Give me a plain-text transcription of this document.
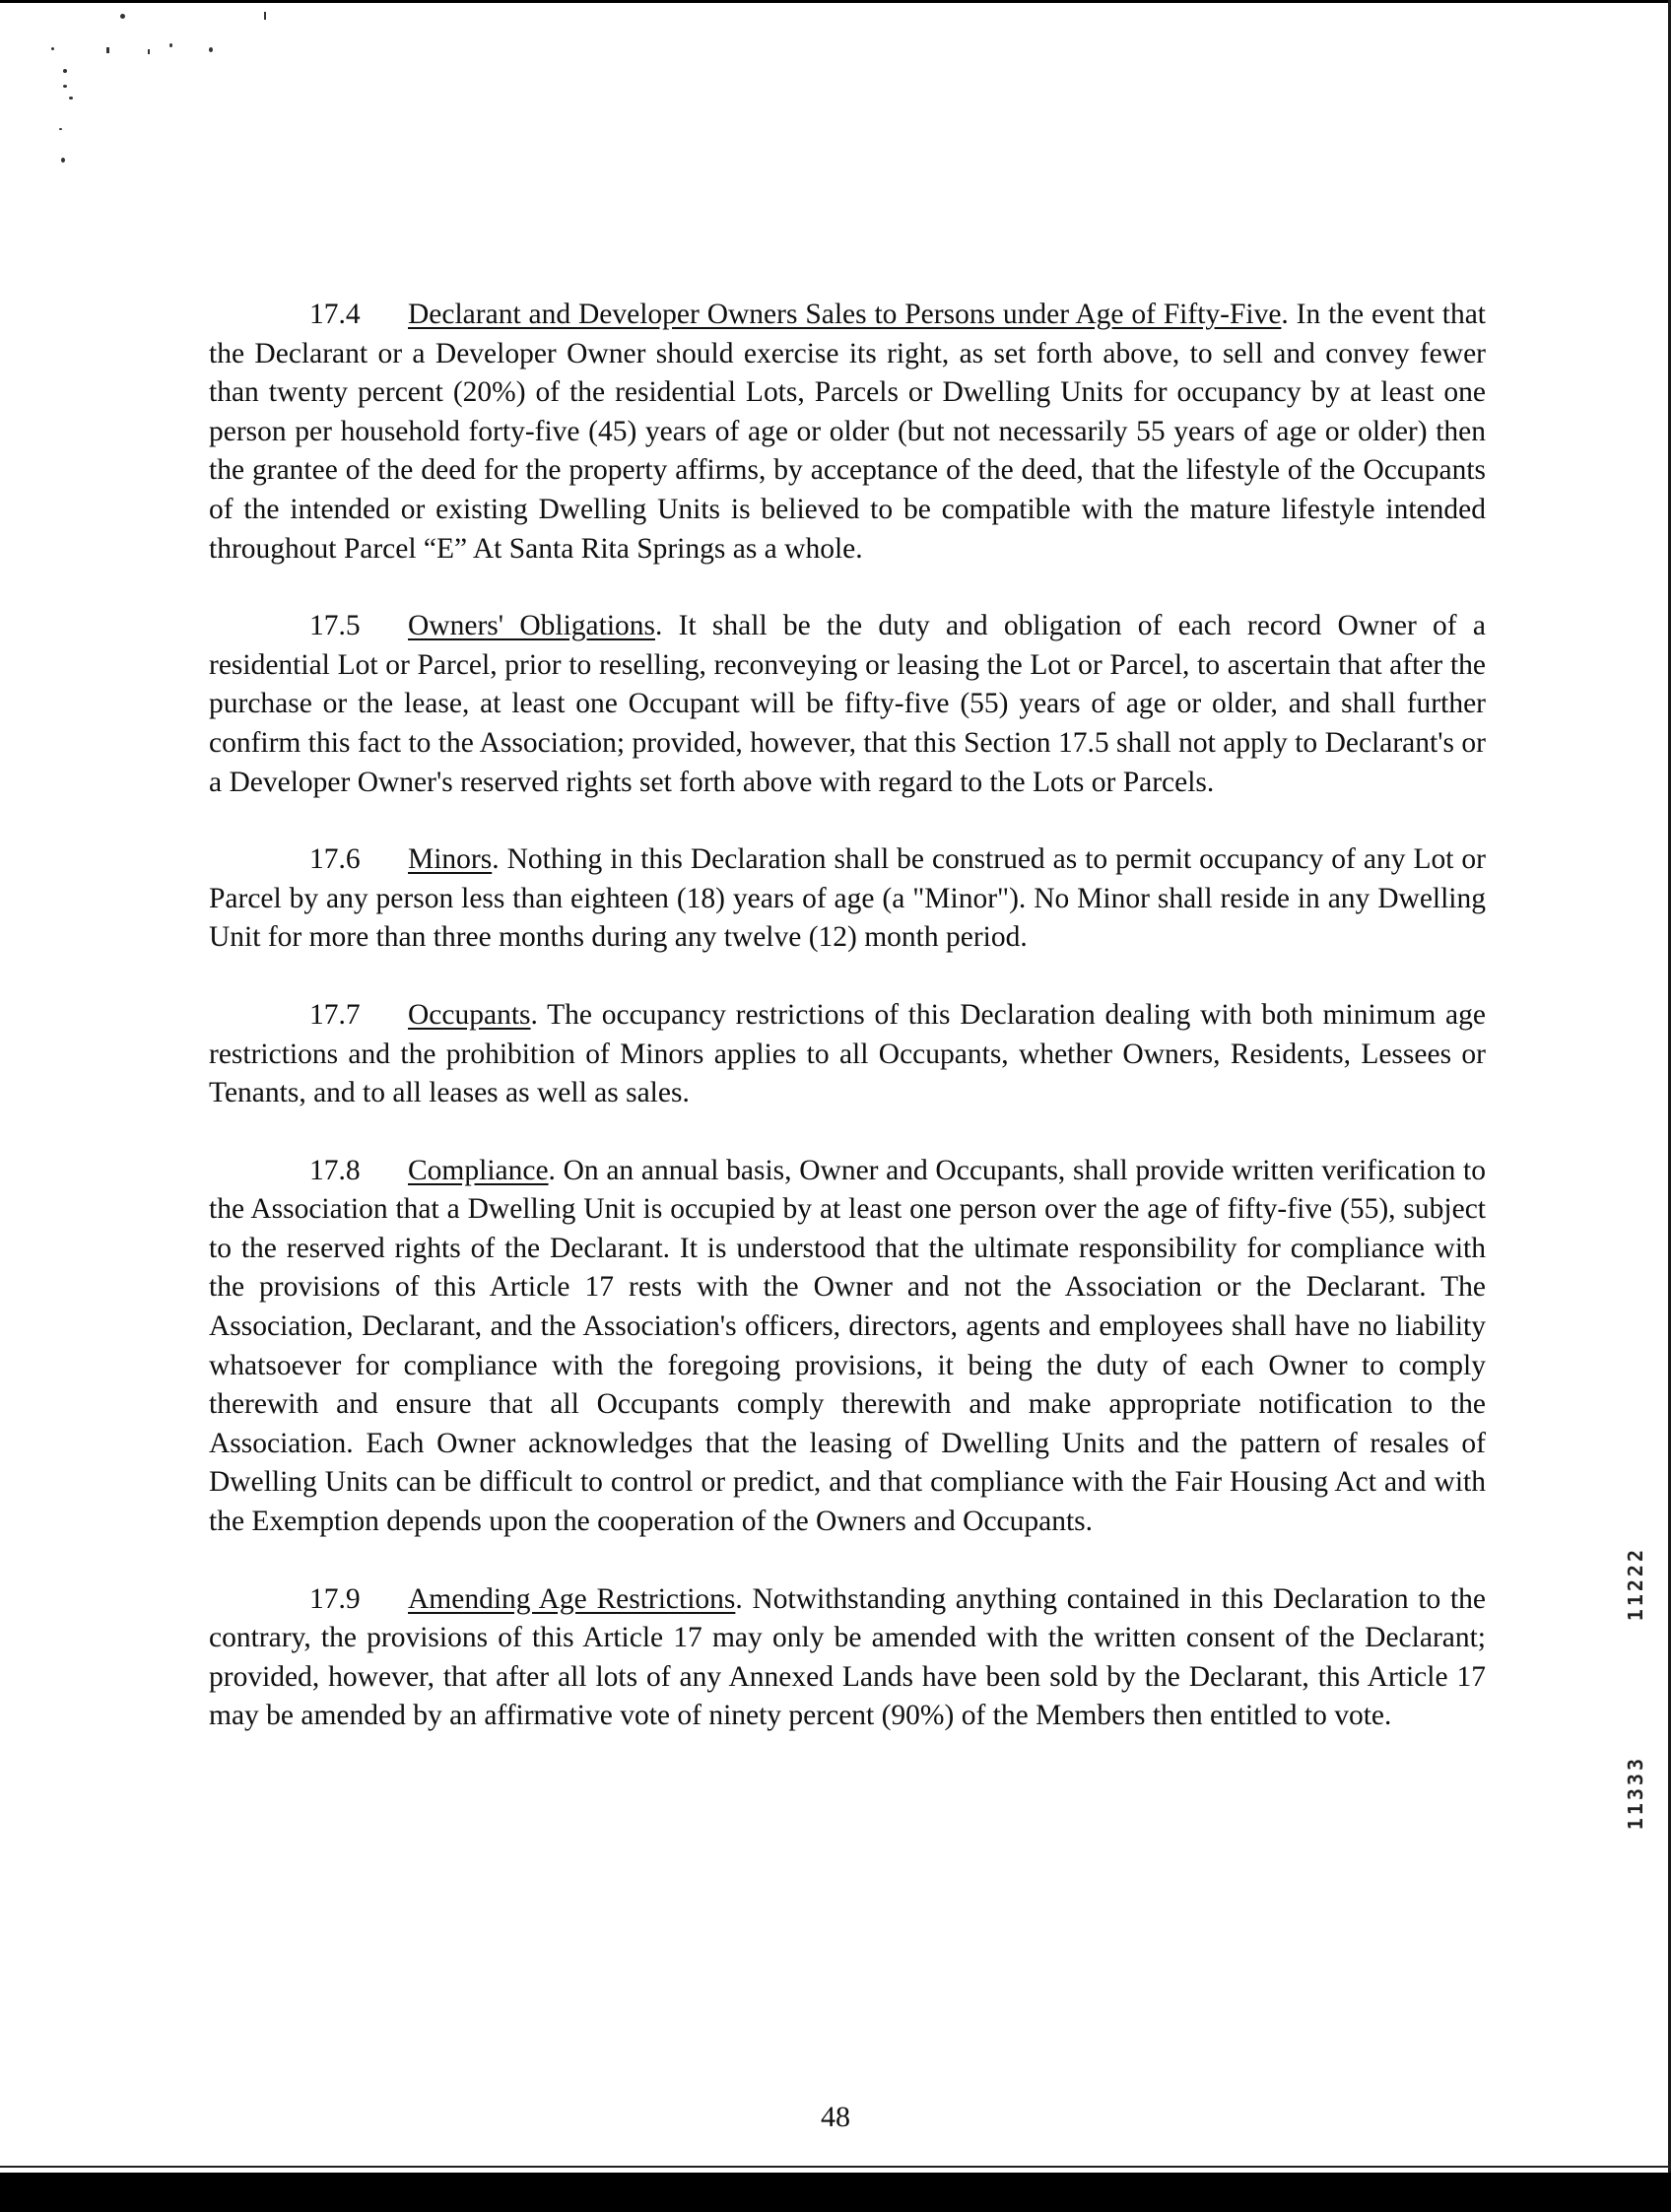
17.4 Declarant and Developer Owners Sales to Persons under Age of Fifty-Five. In the event that the Declarant or a Developer Owner should exercise its right, as set forth above, to sell and convey fewer than twenty percent (20%) of the residential Lots, Parcels or Dwelling Units for occupancy by at least one person per household forty-five (45) years of age or older (but not necessarily 55 years of age or older) then the grantee of the deed for the property affirms, by acceptance of the deed, that the lifestyle of the Occupants of the intended or existing Dwelling Units is believed to be compatible with the mature lifestyle intended throughout Parcel “E” At Santa Rita Springs as a whole.

17.5 Owners' Obligations. It shall be the duty and obligation of each record Owner of a residential Lot or Parcel, prior to reselling, reconveying or leasing the Lot or Parcel, to ascertain that after the purchase or the lease, at least one Occupant will be fifty-five (55) years of age or older, and shall further confirm this fact to the Association; provided, however, that this Section 17.5 shall not apply to Declarant's or a Developer Owner's reserved rights set forth above with regard to the Lots or Parcels.

17.6 Minors. Nothing in this Declaration shall be construed as to permit occupancy of any Lot or Parcel by any person less than eighteen (18) years of age (a "Minor"). No Minor shall reside in any Dwelling Unit for more than three months during any twelve (12) month period.

17.7 Occupants. The occupancy restrictions of this Declaration dealing with both minimum age restrictions and the prohibition of Minors applies to all Occupants, whether Owners, Residents, Lessees or Tenants, and to all leases as well as sales.

17.8 Compliance. On an annual basis, Owner and Occupants, shall provide written verification to the Association that a Dwelling Unit is occupied by at least one person over the age of fifty-five (55), subject to the reserved rights of the Declarant. It is understood that the ultimate responsibility for compliance with the provisions of this Article 17 rests with the Owner and not the Association or the Declarant. The Association, Declarant, and the Association's officers, directors, agents and employees shall have no liability whatsoever for compliance with the foregoing provisions, it being the duty of each Owner to comply therewith and ensure that all Occupants comply therewith and make appropriate notification to the Association. Each Owner acknowledges that the leasing of Dwelling Units and the pattern of resales of Dwelling Units can be difficult to control or predict, and that compliance with the Fair Housing Act and with the Exemption depends upon the cooperation of the Owners and Occupants.

17.9 Amending Age Restrictions. Notwithstanding anything contained in this Declaration to the contrary, the provisions of this Article 17 may only be amended with the written consent of the Declarant; provided, however, that after all lots of any Annexed Lands have been sold by the Declarant, this Article 17 may be amended by an affirmative vote of ninety percent (90%) of the Members then entitled to vote.

11222
11333
48
